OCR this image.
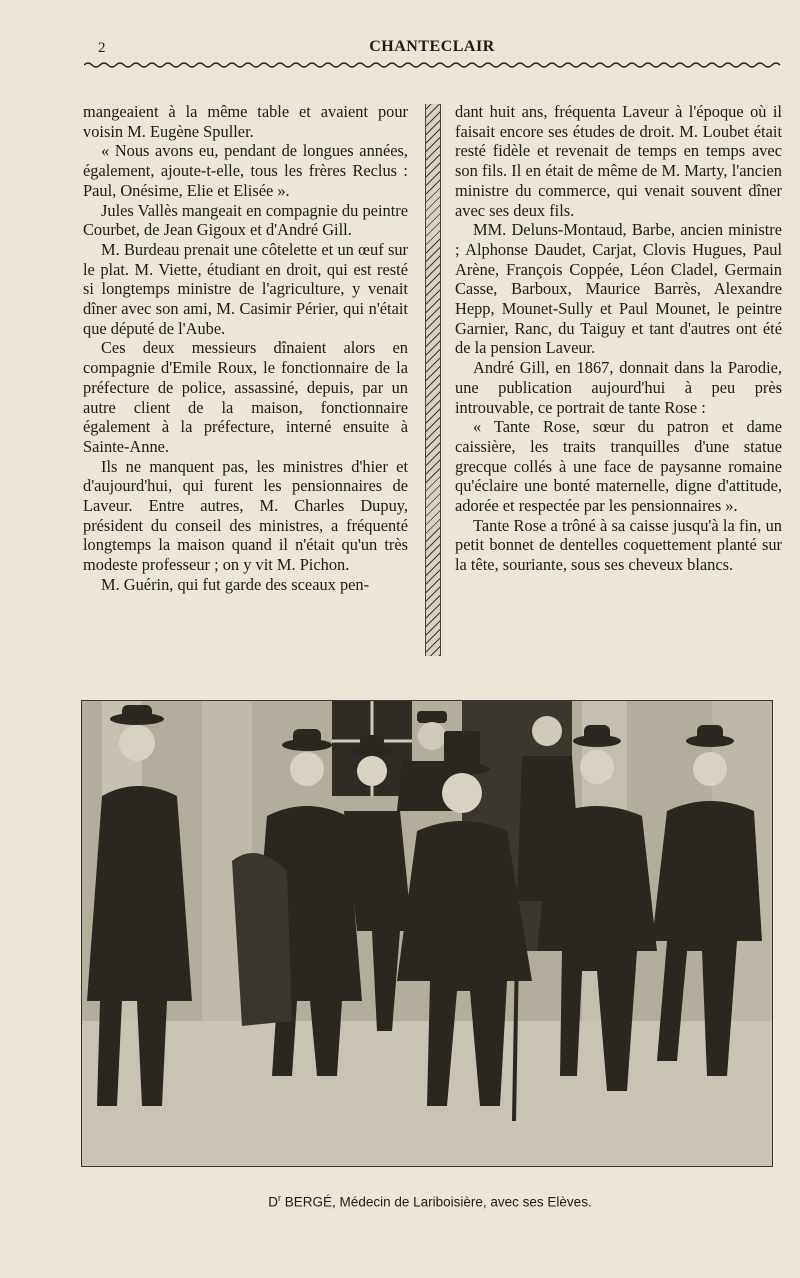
2	CHANTECLAIR

mangeaient à la même table et avaient pour voisin M. Eugène Spuller.

« Nous avons eu, pendant de longues années, également, ajoute-t-elle, tous les frères Reclus : Paul, Onésime, Elie et Elisée ».

Jules Vallès mangeait en compagnie du peintre Courbet, de Jean Gigoux et d'André Gill.

M. Burdeau prenait une côtelette et un œuf sur le plat. M. Viette, étudiant en droit, qui est resté si longtemps ministre de l'agriculture, y venait dîner avec son ami, M. Casimir Périer, qui n'était que député de l'Aube.

Ces deux messieurs dînaient alors en compagnie d'Emile Roux, le fonctionnaire de la préfecture de police, assassiné, depuis, par un autre client de la maison, fonctionnaire également à la préfecture, interné ensuite à Sainte-Anne.

Ils ne manquent pas, les ministres d'hier et d'aujourd'hui, qui furent les pensionnaires de Laveur. Entre autres, M. Charles Dupuy, président du conseil des ministres, a fréquenté longtemps la maison quand il n'était qu'un très modeste professeur ; on y vit M. Pichon.

M. Guérin, qui fut garde des sceaux pen-

dant huit ans, fréquenta Laveur à l'époque où il faisait encore ses études de droit. M. Loubet était resté fidèle et revenait de temps en temps avec son fils. Il en était de même de M. Marty, l'ancien ministre du commerce, qui venait souvent dîner avec ses deux fils.

MM. Deluns-Montaud, Barbe, ancien ministre ; Alphonse Daudet, Carjat, Clovis Hugues, Paul Arène, François Coppée, Léon Cladel, Germain Casse, Barboux, Maurice Barrès, Alexandre Hepp, Mounet-Sully et Paul Mounet, le peintre Garnier, Ranc, du Taiguy et tant d'autres ont été de la pension Laveur.

André Gill, en 1867, donnait dans la Parodie, une publication aujourd'hui à peu près introuvable, ce portrait de tante Rose :

« Tante Rose, sœur du patron et dame caissière, les traits tranquilles d'une statue grecque collés à une face de paysanne romaine qu'éclaire une bonté maternelle, digne d'attitude, adorée et respectée par les pensionnaires ».

Tante Rose a trôné à sa caisse jusqu'à la fin, un petit bonnet de dentelles coquettement planté sur la tête, souriante, sous ses cheveux blancs.

$D^r$ BERGÉ, Médecin de Lariboisière, avec ses Elèves.
